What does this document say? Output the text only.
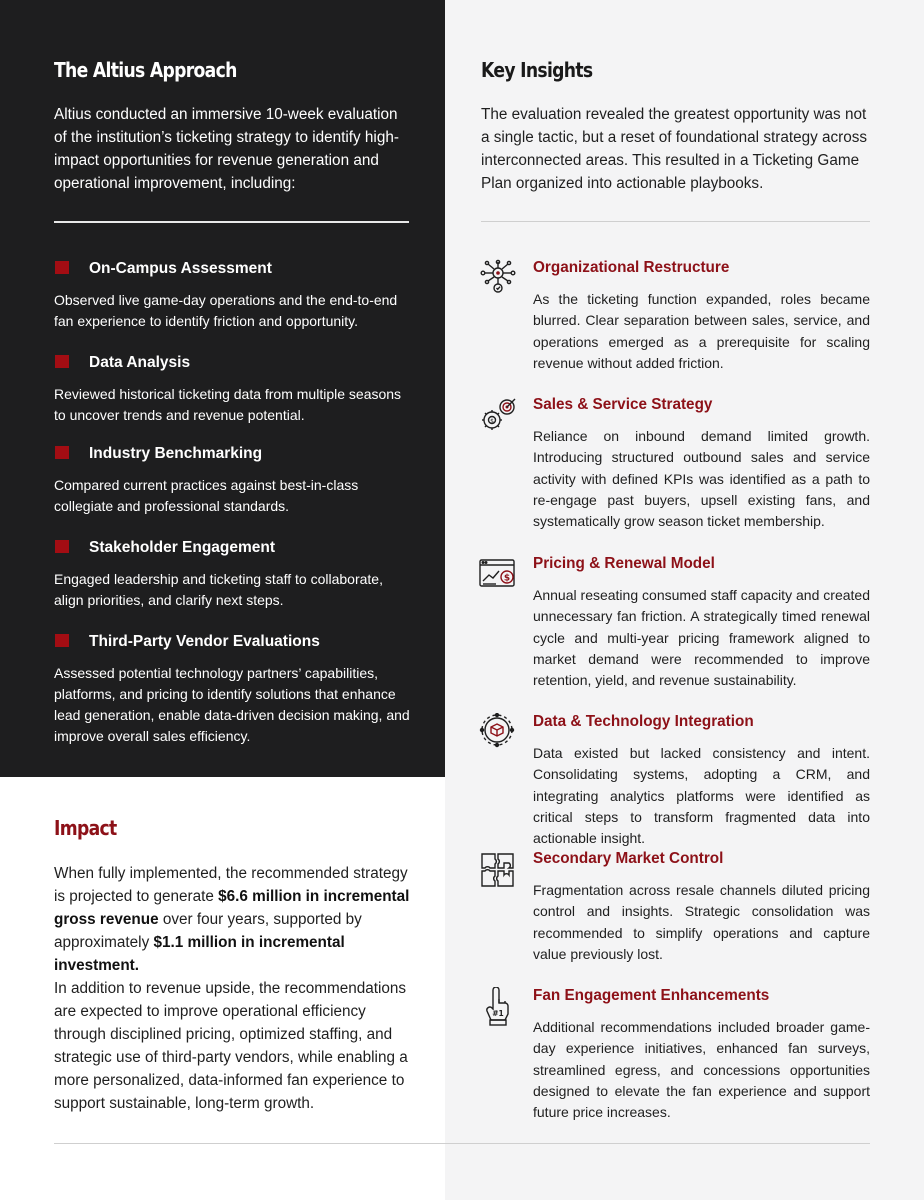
The Altius Approach
Altius conducted an immersive 10-week evaluation of the institution’s ticketing strategy to identify high-impact opportunities for revenue generation and operational improvement, including:
On-Campus Assessment
Observed live game-day operations and the end-to-end fan experience to identify friction and opportunity.
Data Analysis
Reviewed historical ticketing data from multiple seasons to uncover trends and revenue potential.
Industry Benchmarking
Compared current practices against best-in-class collegiate and professional standards.
Stakeholder Engagement
Engaged leadership and ticketing staff to collaborate, align priorities, and clarify next steps.
Third-Party Vendor Evaluations
Assessed potential technology partners’ capabilities, platforms, and pricing to identify solutions that enhance lead generation, enable data-driven decision making, and improve overall sales efficiency.
Impact
When fully implemented, the recommended strategy is projected to generate $6.6 million in incremental gross revenue over four years, supported by approximately $1.1 million in incremental investment.
In addition to revenue upside, the recommendations are expected to improve operational efficiency through disciplined pricing, optimized staffing, and strategic use of third-party vendors, while enabling a more personalized, data-informed fan experience to support sustainable, long-term growth.
Key Insights
The evaluation revealed the greatest opportunity was not a single tactic, but a reset of foundational strategy across interconnected areas. This resulted in a Ticketing Game Plan organized into actionable playbooks.
Organizational Restructure
As the ticketing function expanded, roles became blurred. Clear separation between sales, service, and operations emerged as a prerequisite for scaling revenue without added friction.
$
Sales & Service Strategy
Reliance on inbound demand limited growth. Introducing structured outbound sales and service activity with defined KPIs was identified as a path to re-engage past buyers, upsell existing fans, and systematically grow season ticket membership.
$
Pricing & Renewal Model
Annual reseating consumed staff capacity and created unnecessary fan friction. A strategically timed renewal cycle and multi-year pricing framework aligned to market demand were recommended to improve retention, yield, and revenue sustainability.
Data & Technology Integration
Data existed but lacked consistency and intent. Consolidating systems, adopting a CRM, and integrating analytics platforms were identified as critical steps to transform fragmented data into actionable insight.
Secondary Market Control
Fragmentation across resale channels diluted pricing control and insights. Strategic consolidation was recommended to simplify operations and capture value previously lost.
#1
Fan Engagement Enhancements
Additional recommendations included broader game-day experience initiatives, enhanced fan surveys, streamlined egress, and concessions opportunities designed to elevate the fan experience and support future price increases.
